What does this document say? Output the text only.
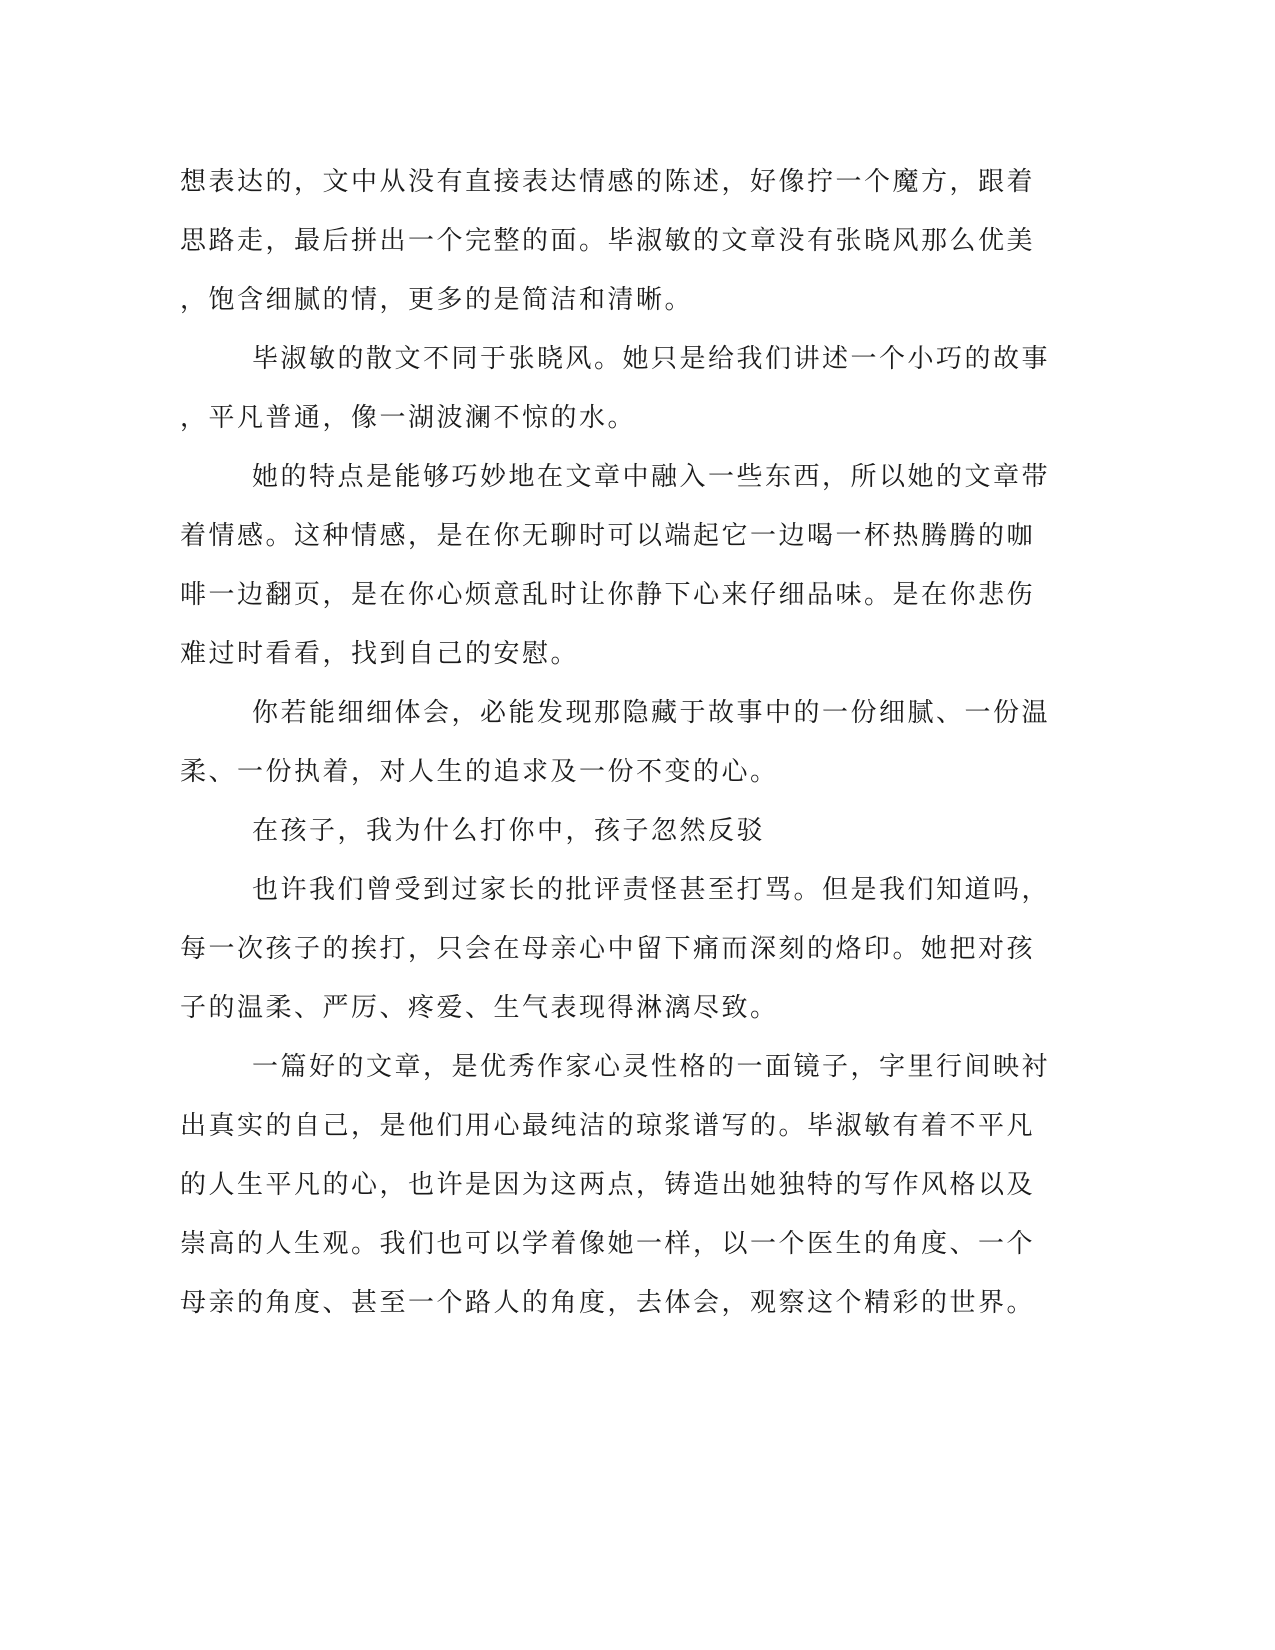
想表达的，文中从没有直接表达情感的陈述，好像拧一个魔方，跟着
思路走，最后拼出一个完整的面。毕淑敏的文章没有张晓风那么优美
，饱含细腻的情，更多的是简洁和清晰。
毕淑敏的散文不同于张晓风。她只是给我们讲述一个小巧的故事
，平凡普通，像一湖波澜不惊的水。
她的特点是能够巧妙地在文章中融入一些东西，所以她的文章带
着情感。这种情感，是在你无聊时可以端起它一边喝一杯热腾腾的咖
啡一边翻页，是在你心烦意乱时让你静下心来仔细品味。是在你悲伤
难过时看看，找到自己的安慰。
你若能细细体会，必能发现那隐藏于故事中的一份细腻、一份温
柔、一份执着，对人生的追求及一份不变的心。
在孩子，我为什么打你中，孩子忽然反驳
也许我们曾受到过家长的批评责怪甚至打骂。但是我们知道吗，
每一次孩子的挨打，只会在母亲心中留下痛而深刻的烙印。她把对孩
子的温柔、严厉、疼爱、生气表现得淋漓尽致。
一篇好的文章，是优秀作家心灵性格的一面镜子，字里行间映衬
出真实的自己，是他们用心最纯洁的琼浆谱写的。毕淑敏有着不平凡
的人生平凡的心，也许是因为这两点，铸造出她独特的写作风格以及
崇高的人生观。我们也可以学着像她一样，以一个医生的角度、一个
母亲的角度、甚至一个路人的角度，去体会，观察这个精彩的世界。
